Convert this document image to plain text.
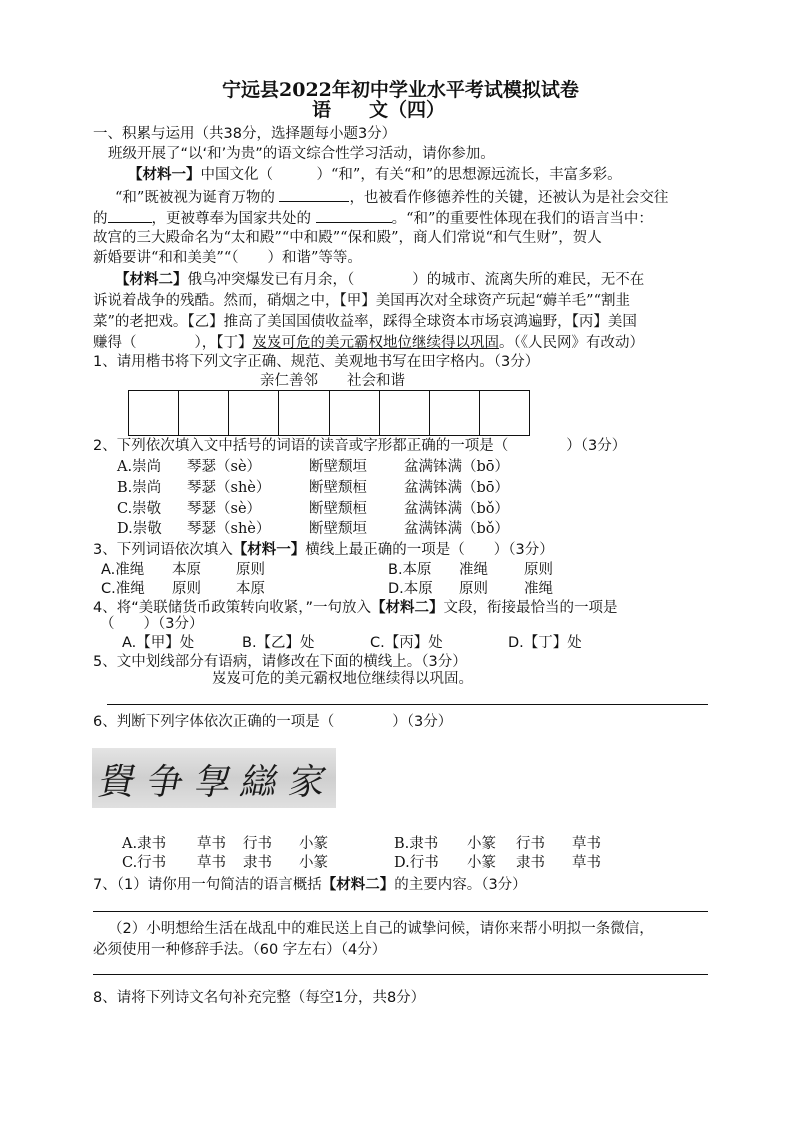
宁远县2022年初中学业水平考试模拟试卷
语　　文（四）
一、积累与运用（共38分，选择题每小题3分）
班级开展了“以‘和’为贵”的语文综合性学习活动，请你参加。
【材料一】中国文化（　　　）“和”，有关“和”的思想源远流长，丰富多彩。
“和”既被视为诞育万物的	，也被看作修德养性的关键，还被认为是社会交往
的	，更被尊奉为国家共处的	。“和”的重要性体现在我们的语言当中：
故宫的三大殿命名为“太和殿”“中和殿”“保和殿”，商人们常说“和气生财”，贺人
新婚要讲“和和美美”“（　　）和谐”等等。
【材料二】俄乌冲突爆发已有月余，（　　　　）的城市、流离失所的难民，无不在
诉说着战争的残酷。然而，硝烟之中，【甲】美国再次对全球资产玩起“薅羊毛”“割韭
菜”的老把戏。【乙】推高了美国国债收益率，踩得全球资本市场哀鸿遍野，【丙】美国
赚得（　　　　），【丁】岌岌可危的美元霸权地位继续得以巩固。（《人民网》有改动）
1、请用楷书将下列文字正确、规范、美观地书写在田字格内。（3分）
亲仁善邻　　社会和谐
2、下列依次填入文中括号的词语的读音或字形都正确的一项是（　　　　）（3分）
A.崇尚 琴瑟（sè）	断壁颓垣	盆满钵满（bō）
B.崇尚 琴瑟（shè）	断壁颓桓	盆满钵满（bō）
C.崇敬 琴瑟（sè）	断壁颓桓	盆满钵满（bǒ）
D.崇敬 琴瑟（shè）	断壁颓垣	盆满钵满（bǒ）
3、下列词语依次填入【材料一】横线上最正确的一项是（　　）（3分）
A.准绳 本原 原则	B.本原 准绳 原则
C.准绳 原则 本原	D.本原 原则 准绳
4、将“美联储货币政策转向收紧，”一句放入【材料二】文段，衔接最恰当的一项是
（　　）（3分）
A.【甲】处	B.【乙】处	C.【丙】处	D.【丁】处
5、文中划线部分有语病，请修改在下面的横线上。（3分）
岌岌可危的美元霸权地位继续得以巩固。
6、判断下列字体依次正确的一项是（　　　　）（3分）
䝿 争 㝁 䜌 家
A.隶书 草书 行书 小篆	B.隶书 小篆 行书 草书
C.行书 草书 隶书 小篆	D.行书 小篆 隶书 草书
7、（1）请你用一句简洁的语言概括【材料二】的主要内容。（3分）
（2）小明想给生活在战乱中的难民送上自己的诚挚问候，请你来帮小明拟一条微信，
必须使用一种修辞手法。（60 字左右）（4分）
8、请将下列诗文名句补充完整（每空1分，共8分）
